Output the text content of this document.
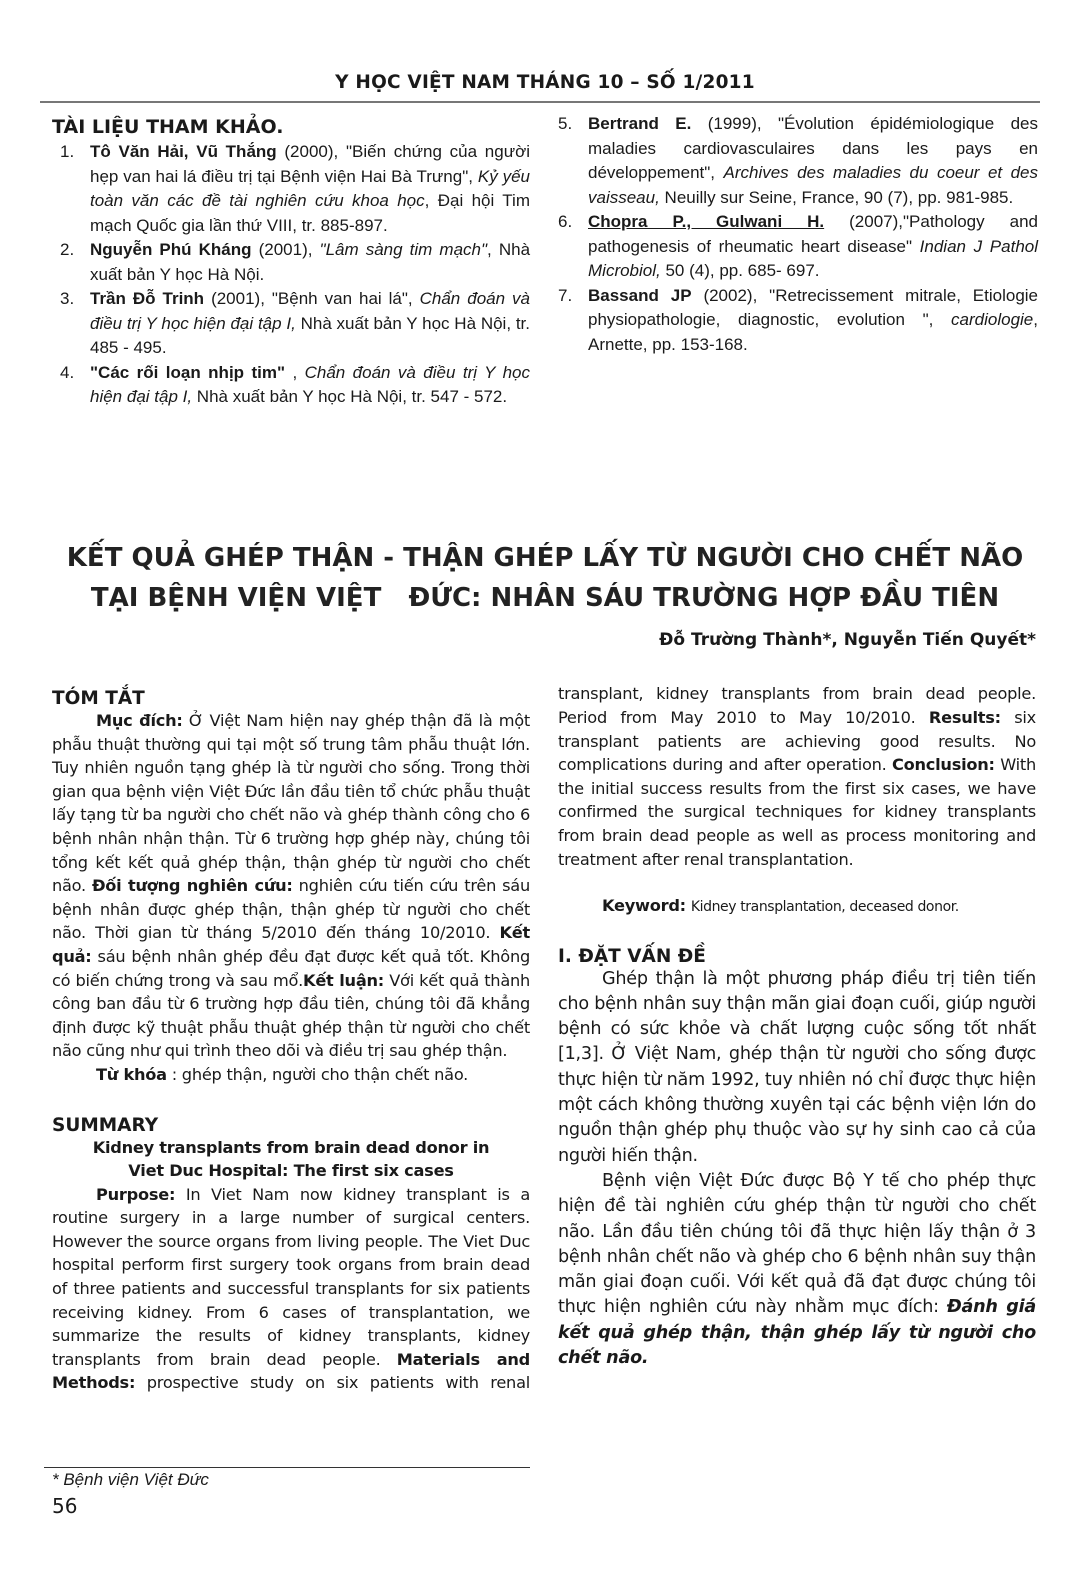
Y HỌC VIỆT NAM THÁNG 10 – SỐ 1/2011
TÀI LIỆU THAM KHẢO.
1. Tô Văn Hải, Vũ Thắng (2000), "Biến chứng của người hẹp van hai lá điều trị tại Bệnh viện Hai Bà Trưng", Kỷ yếu toàn văn các đề tài nghiên cứu khoa học, Đại hội Tim mạch Quốc gia lần thứ VIII, tr. 885-897.
2. Nguyễn Phú Kháng (2001), "Lâm sàng tim mạch", Nhà xuất bản Y học Hà Nội.
3. Trần Đỗ Trinh (2001), "Bệnh van hai lá", Chẩn đoán và điều trị Y học hiện đại tập I, Nhà xuất bản Y học Hà Nội, tr. 485 - 495.
4. "Các rối loạn nhịp tim" , Chẩn đoán và điều trị Y học hiện đại tập I, Nhà xuất bản Y học Hà Nội, tr. 547 - 572.
5. Bertrand E. (1999), "Évolution épidémiologique des maladies cardiovasculaires dans les pays en développement", Archives des maladies du coeur et des vaisseau, Neuilly sur Seine, France, 90 (7), pp. 981-985.
6. Chopra P., Gulwani H. (2007),"Pathology and pathogenesis of rheumatic heart disease" Indian J Pathol Microbiol, 50 (4), pp. 685- 697.
7. Bassand JP (2002), "Retrecissement mitrale, Etiologie physiopathologie, diagnostic, evolution ", cardiologie, Arnette, pp. 153-168.
KẾT QUẢ GHÉP THẬN - THẬN GHÉP LẤY TỪ NGƯỜI CHO CHẾT NÃO
TẠI BỆNH VIỆN VIỆT   ĐỨC: NHÂN SÁU TRƯỜNG HỢP ĐẦU TIÊN
Đỗ Trường Thành*, Nguyễn Tiến Quyết*
TÓM TẮT

Mục đích: Ở Việt Nam hiện nay ghép thận đã là một phẫu thuật thường qui tại một số trung tâm phẫu thuật lớn. Tuy nhiên nguồn tạng ghép là từ người cho sống. Trong thời gian qua bệnh viện Việt Đức lần đầu tiên tổ chức phẫu thuật lấy tạng từ ba người cho chết não và ghép thành công cho 6 bệnh nhân nhận thận. Từ 6 trường hợp ghép này, chúng tôi tổng kết kết quả ghép thận, thận ghép từ người cho chết não. Đối tượng nghiên cứu: nghiên cứu tiến cứu trên sáu bệnh nhân được ghép thận, thận ghép từ người cho chết não. Thời gian từ tháng 5/2010 đến tháng 10/2010. Kết quả: sáu bệnh nhân ghép đều đạt được kết quả tốt. Không có biến chứng trong và sau mổ.Kết luận: Với kết quả thành công ban đầu từ 6 trường hợp đầu tiên, chúng tôi đã khẳng định được kỹ thuật phẫu thuật ghép thận từ người cho chết não cũng như qui trình theo dõi và điều trị sau ghép thận.

Từ khóa : ghép thận, người cho thận chết não.

SUMMARY

Kidney transplants from brain dead donor in

Viet Duc Hospital: The first six cases

Purpose: In Viet Nam now kidney transplant is a routine surgery in a large number of surgical centers. However the source organs from living people. The Viet Duc hospital perform first surgery took organs from brain dead of three patients and successful transplants for six patients receiving kidney. From 6 cases of transplantation, we summarize the results of kidney transplants, kidney transplants from brain dead people. Materials and Methods: prospective study on six patients with renal

transplant, kidney transplants from brain dead people. Period from May 2010 to May 10/2010. Results: six transplant patients are achieving good results. No complications during and after operation. Conclusion: With the initial success results from the first six cases, we have confirmed the surgical techniques for kidney transplants from brain dead people as well as process monitoring and treatment after renal transplantation.

Keyword: Kidney transplantation, deceased donor.

I. ĐẶT VẤN ĐỀ

Ghép thận là một phương pháp điều trị tiên tiến cho bệnh nhân suy thận mãn giai đoạn cuối, giúp người bệnh có sức khỏe và chất lượng cuộc sống tốt nhất [1,3]. Ở Việt Nam, ghép thận từ người cho sống được thực hiện từ năm 1992, tuy nhiên nó chỉ được thực hiện một cách không thường xuyên tại các bệnh viện lớn do nguồn thận ghép phụ thuộc vào sự hy sinh cao cả của người hiến thận.

Bệnh viện Việt Đức được Bộ Y tế cho phép thực hiện đề tài nghiên cứu ghép thận từ người cho chết não. Lần đầu tiên chúng tôi đã thực hiện lấy thận ở 3 bệnh nhân chết não và ghép cho 6 bệnh nhân suy thận mãn giai đoạn cuối. Với kết quả đã đạt được chúng tôi thực hiện nghiên cứu này nhằm mục đích: Đánh giá kết quả ghép thận, thận ghép lấy từ người cho chết não.

* Bệnh viện Việt Đức
56
